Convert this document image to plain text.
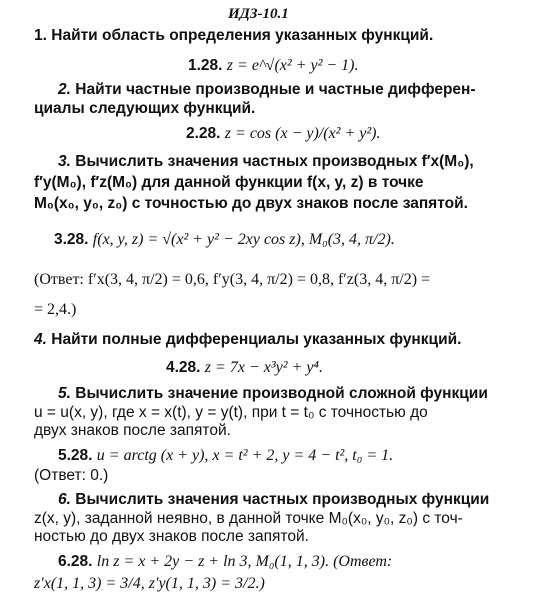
ИДЗ-10.1
1. Найти область определения указанных функций.
1.28. z = e^√(x² + y² − 1).
2. Найти частные производные и частные дифферен-
циалы следующих функций.
2.28. z = cos (x − y)/(x² + y²).
3. Вычислить значения частных производных f′x(M₀),
f′y(M₀), f′z(M₀) для данной функции f(x, y, z) в точке
M₀(x₀, y₀, z₀) с точностью до двух знаков после запятой.
3.28. f(x, y, z) = √(x² + y² − 2xy cos z), M₀(3, 4, π/2).
(Ответ: f′x(3, 4, π/2) = 0,6, f′y(3, 4, π/2) = 0,8, f′z(3, 4, π/2) =
= 2,4.)
4. Найти полные дифференциалы указанных функций.
4.28. z = 7x − x³y² + y⁴.
5. Вычислить значение производной сложной функции
u = u(x, y), где x = x(t), y = y(t), при t = t₀ с точностью до
двух знаков после запятой.
5.28. u = arctg (x + y), x = t² + 2, y = 4 − t², t₀ = 1.
(Ответ: 0.)
6. Вычислить значения частных производных функции
z(x, y), заданной неявно, в данной точке M₀(x₀, y₀, z₀) с точ-
ностью до двух знаков после запятой.
6.28. ln z = x + 2y − z + ln 3, M₀(1, 1, 3). (Ответ:
z′x(1, 1, 3) = 3/4, z′y(1, 1, 3) = 3/2.)
